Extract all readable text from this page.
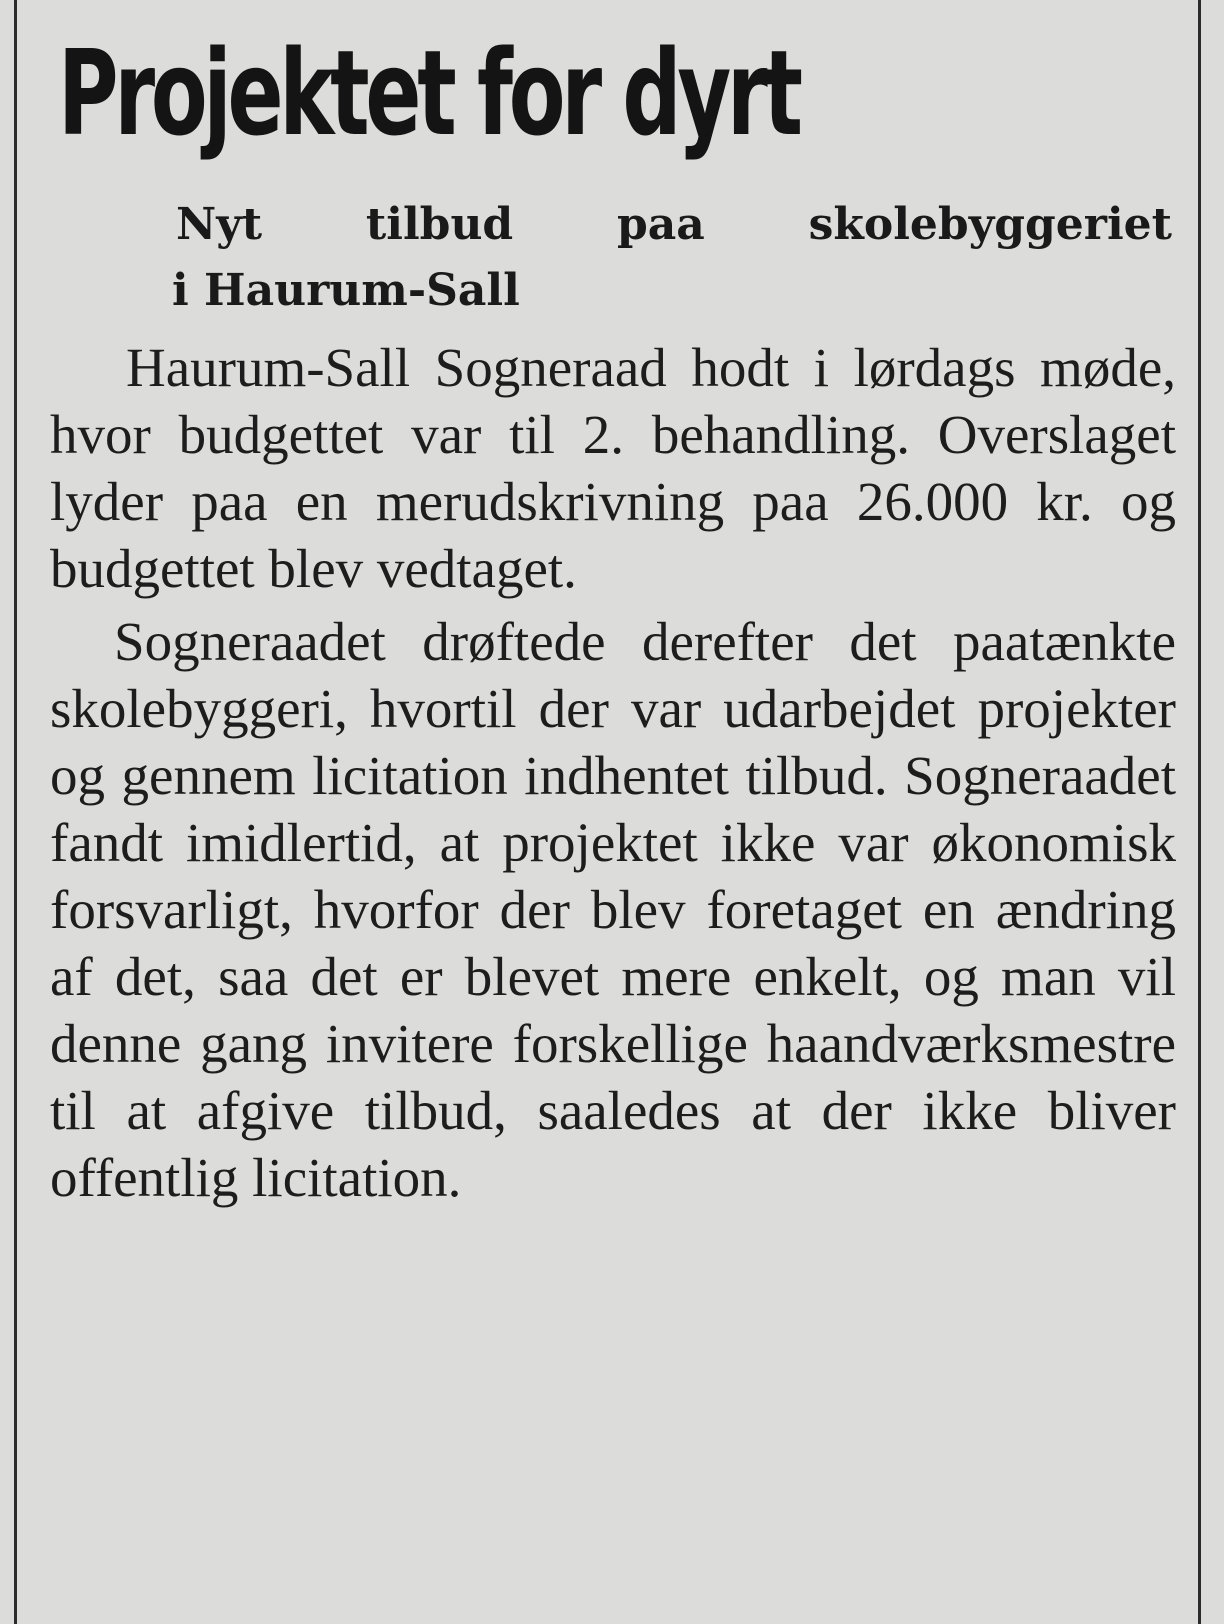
Projektet for dyrt
Nyt tilbud paa skolebyggeriet
i Haurum-Sall

Haurum-Sall Sogneraad hodt i lørdags møde, hvor budgettet var til 2. behandling. Overslaget lyder paa en merudskrivning paa 26.000 kr. og budgettet blev vedtaget.

Sogneraadet drøftede derefter det paatænkte skolebyggeri, hvortil der var udarbejdet projekter og gennem licitation indhentet tilbud. Sogneraadet fandt imidlertid, at projektet ikke var økonomisk forsvarligt, hvorfor der blev foretaget en ændring af det, saa det er blevet mere enkelt, og man vil denne gang invitere forskellige haandværksmestre til at afgive tilbud, saaledes at der ikke bliver offentlig licitation.
